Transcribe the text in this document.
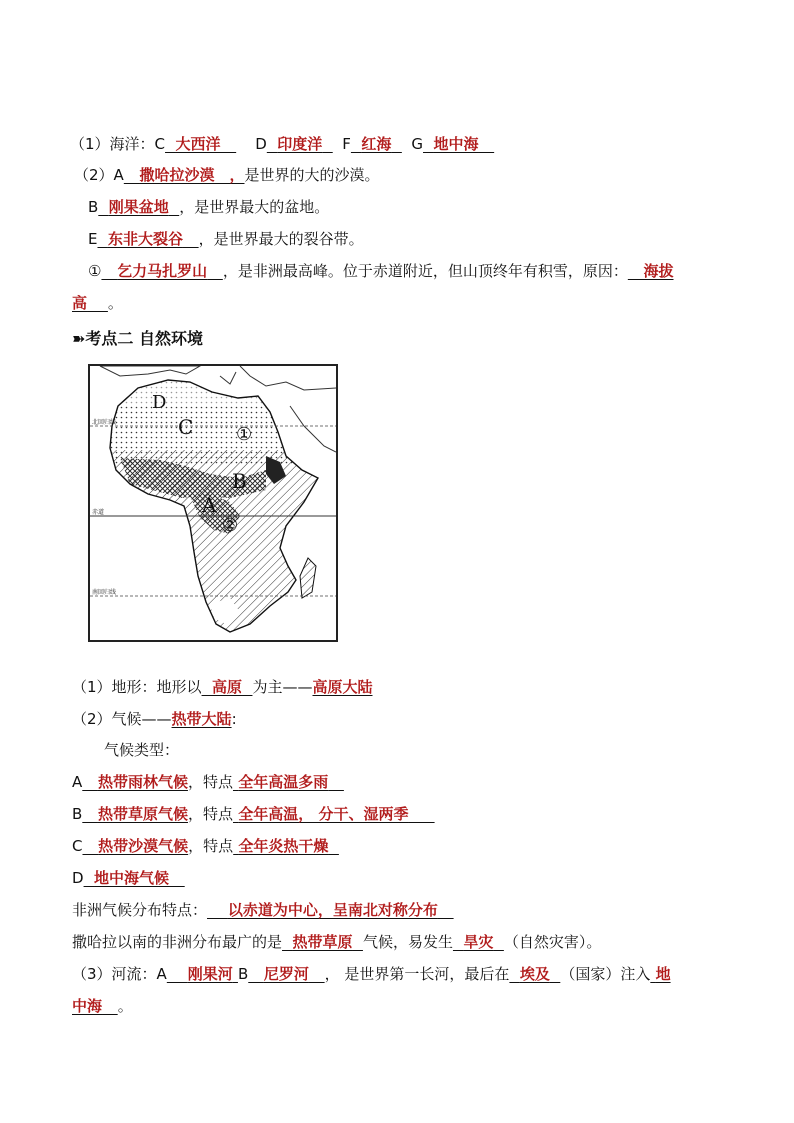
（1）海洋：C 大西洋 D 印度洋 F 红海 G 地中海
（2）A 撒哈拉沙漠　，是世界的大的沙漠。
B 刚果盆地 ，是世界最大的盆地。
E 东非大裂谷 ，是世界最大的裂谷带。
① 乞力马扎罗山 ，是非洲最高峰。位于赤道附近，但山顶终年有积雪，原因： 海拔
高 。
➽考点二 自然环境
北回归线
赤道
南回归线
D
C ①
B
A
②
（1）地形：地形以 高原 为主——高原大陆
（2）气候——热带大陆:
气候类型：
A 热带雨林气候，特点 全年高温多雨
B 热带草原气候，特点 全年高温， 分干、湿两季
C 热带沙漠气候，特点 全年炎热干燥
D 地中海气候
非洲气候分布特点： 以赤道为中心，呈南北对称分布
撒哈拉以南的非洲分布最广的是 热带草原 气候，易发生 旱灾 （自然灾害）。
（3）河流：A 刚果河 B 尼罗河 ， 是世界第一长河，最后在 埃及 （国家）注入 地
中海 。
